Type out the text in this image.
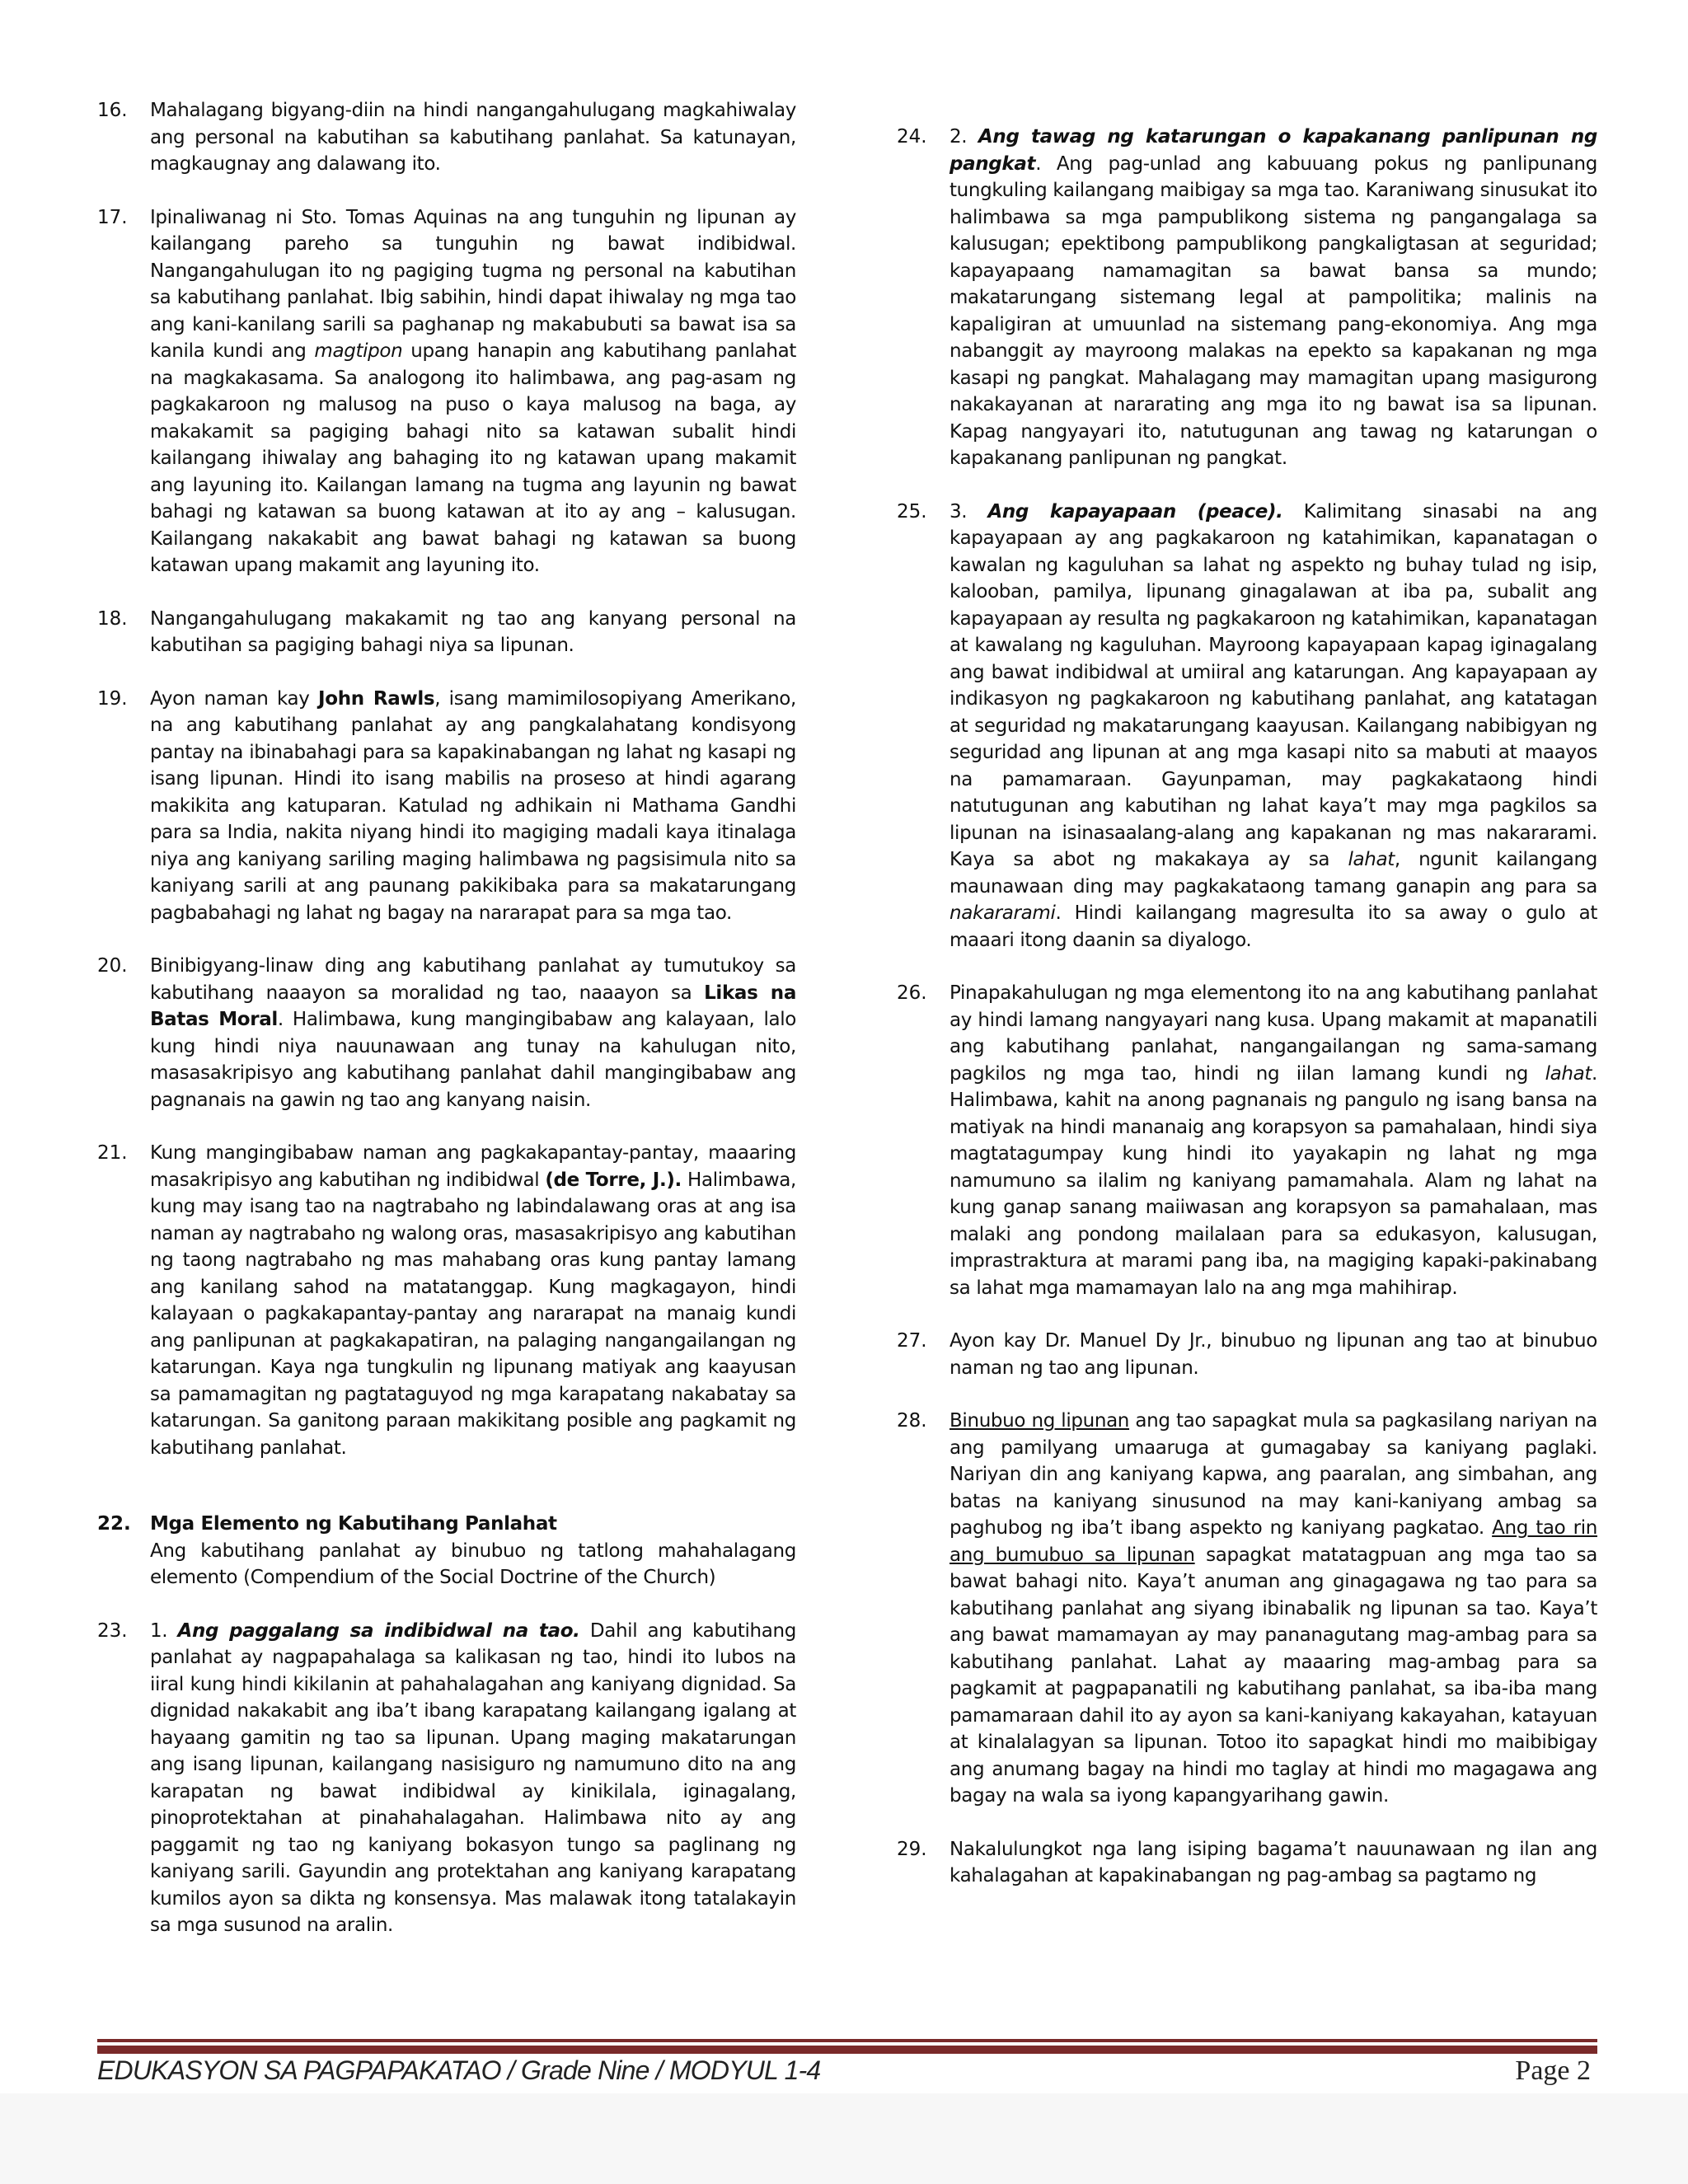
16.	Mahalagang bigyang-diin na hindi nangangahulugang magkahiwalay ang personal na kabutihan sa kabutihang panlahat. Sa katunayan, magkaugnay ang dalawang ito.
17.	Ipinaliwanag ni Sto. Tomas Aquinas na ang tunguhin ng lipunan ay kailangang pareho sa tunguhin ng bawat indibidwal. Nangangahulugan ito ng pagiging tugma ng personal na kabutihan sa kabutihang panlahat. Ibig sabihin, hindi dapat ihiwalay ng mga tao ang kani-kanilang sarili sa paghanap ng makabubuti sa bawat isa sa kanila kundi ang magtipon upang hanapin ang kabutihang panlahat na magkakasama. Sa analogong ito halimbawa, ang pag-asam ng pagkakaroon ng malusog na puso o kaya malusog na baga, ay makakamit sa pagiging bahagi nito sa katawan subalit hindi kailangang ihiwalay ang bahaging ito ng katawan upang makamit ang layuning ito. Kailangan lamang na tugma ang layunin ng bawat bahagi ng katawan sa buong katawan at ito ay ang – kalusugan. Kailangang nakakabit ang bawat bahagi ng katawan sa buong katawan upang makamit ang layuning ito.
18.	Nangangahulugang makakamit ng tao ang kanyang personal na kabutihan sa pagiging bahagi niya sa lipunan.
19.	Ayon naman kay John Rawls, isang mamimilosopiyang Amerikano, na ang kabutihang panlahat ay ang pangkalahatang kondisyong pantay na ibinabahagi para sa kapakinabangan ng lahat ng kasapi ng isang lipunan. Hindi ito isang mabilis na proseso at hindi agarang makikita ang katuparan. Katulad ng adhikain ni Mathama Gandhi para sa India, nakita niyang hindi ito magiging madali kaya itinalaga niya ang kaniyang sariling maging halimbawa ng pagsisimula nito sa kaniyang sarili at ang paunang pakikibaka para sa makatarungang pagbabahagi ng lahat ng bagay na nararapat para sa mga tao.
20.	Binibigyang-linaw ding ang kabutihang panlahat ay tumutukoy sa kabutihang naaayon sa moralidad ng tao, naaayon sa Likas na Batas Moral. Halimbawa, kung mangingibabaw ang kalayaan, lalo kung hindi niya nauunawaan ang tunay na kahulugan nito, masasakripisyo ang kabutihang panlahat dahil mangingibabaw ang pagnanais na gawin ng tao ang kanyang naisin.
21.	Kung mangingibabaw naman ang pagkakapantay-pantay, maaaring masakripisyo ang kabutihan ng indibidwal (de Torre, J.). Halimbawa, kung may isang tao na nagtrabaho ng labindalawang oras at ang isa naman ay nagtrabaho ng walong oras, masasakripisyo ang kabutihan ng taong nagtrabaho ng mas mahabang oras kung pantay lamang ang kanilang sahod na matatanggap. Kung magkagayon, hindi kalayaan o pagkakapantay-pantay ang nararapat na manaig kundi ang panlipunan at pagkakapatiran, na palaging nangangailangan ng katarungan. Kaya nga tungkulin ng lipunang matiyak ang kaayusan sa pamamagitan ng pagtataguyod ng mga karapatang nakabatay sa katarungan. Sa ganitong paraan makikitang posible ang pagkamit ng kabutihang panlahat.
22.	Mga Elemento ng Kabutihang Panlahat
Ang kabutihang panlahat ay binubuo ng tatlong mahahalagang elemento (Compendium of the Social Doctrine of the Church)
23.	1. Ang paggalang sa indibidwal na tao. Dahil ang kabutihang panlahat ay nagpapahalaga sa kalikasan ng tao, hindi ito lubos na iiral kung hindi kikilanin at pahahalagahan ang kaniyang dignidad. Sa dignidad nakakabit ang iba’t ibang karapatang kailangang igalang at hayaang gamitin ng tao sa lipunan. Upang maging makatarungan ang isang lipunan, kailangang nasisiguro ng namumuno dito na ang karapatan ng bawat indibidwal ay kinikilala, iginagalang, pinoprotektahan at pinahahalagahan. Halimbawa nito ay ang paggamit ng tao ng kaniyang bokasyon tungo sa paglinang ng kaniyang sarili. Gayundin ang protektahan ang kaniyang karapatang kumilos ayon sa dikta ng konsensya. Mas malawak itong tatalakayin sa mga susunod na aralin.
24.	2. Ang tawag ng katarungan o kapakanang panlipunan ng pangkat. Ang pag-unlad ang kabuuang pokus ng panlipunang tungkuling kailangang maibigay sa mga tao. Karaniwang sinusukat ito halimbawa sa mga pampublikong sistema ng pangangalaga sa kalusugan; epektibong pampublikong pangkaligtasan at seguridad; kapayapaang namamagitan sa bawat bansa sa mundo; makatarungang sistemang legal at pampolitika; malinis na kapaligiran at umuunlad na sistemang pang-ekonomiya. Ang mga nabanggit ay mayroong malakas na epekto sa kapakanan ng mga kasapi ng pangkat. Mahalagang may mamagitan upang masigurong nakakayanan at nararating ang mga ito ng bawat isa sa lipunan. Kapag nangyayari ito, natutugunan ang tawag ng katarungan o kapakanang panlipunan ng pangkat.
25.	3. Ang kapayapaan (peace). Kalimitang sinasabi na ang kapayapaan ay ang pagkakaroon ng katahimikan, kapanatagan o kawalan ng kaguluhan sa lahat ng aspekto ng buhay tulad ng isip, kalooban, pamilya, lipunang ginagalawan at iba pa, subalit ang kapayapaan ay resulta ng pagkakaroon ng katahimikan, kapanatagan at kawalang ng kaguluhan. Mayroong kapayapaan kapag iginagalang ang bawat indibidwal at umiiral ang katarungan. Ang kapayapaan ay indikasyon ng pagkakaroon ng kabutihang panlahat, ang katatagan at seguridad ng makatarungang kaayusan. Kailangang nabibigyan ng seguridad ang lipunan at ang mga kasapi nito sa mabuti at maayos na pamamaraan. Gayunpaman, may pagkakataong hindi natutugunan ang kabutihan ng lahat kaya’t may mga pagkilos sa lipunan na isinasaalang-alang ang kapakanan ng mas nakararami. Kaya sa abot ng makakaya ay sa lahat, ngunit kailangang maunawaan ding may pagkakataong tamang ganapin ang para sa nakararami. Hindi kailangang magresulta ito sa away o gulo at maaari itong daanin sa diyalogo.
26.	Pinapakahulugan ng mga elementong ito na ang kabutihang panlahat ay hindi lamang nangyayari nang kusa. Upang makamit at mapanatili ang kabutihang panlahat, nangangailangan ng sama-samang pagkilos ng mga tao, hindi ng iilan lamang kundi ng lahat. Halimbawa, kahit na anong pagnanais ng pangulo ng isang bansa na matiyak na hindi mananaig ang korapsyon sa pamahalaan, hindi siya magtatagumpay kung hindi ito yayakapin ng lahat ng mga namumuno sa ilalim ng kaniyang pamamahala. Alam ng lahat na kung ganap sanang maiiwasan ang korapsyon sa pamahalaan, mas malaki ang pondong mailalaan para sa edukasyon, kalusugan, imprastraktura at marami pang iba, na magiging kapaki-pakinabang sa lahat mga mamamayan lalo na ang mga mahihirap.
27.	Ayon kay Dr. Manuel Dy Jr., binubuo ng lipunan ang tao at binubuo naman ng tao ang lipunan.
28.	Binubuo ng lipunan ang tao sapagkat mula sa pagkasilang nariyan na ang pamilyang umaaruga at gumagabay sa kaniyang paglaki. Nariyan din ang kaniyang kapwa, ang paaralan, ang simbahan, ang batas na kaniyang sinusunod na may kani-kaniyang ambag sa paghubog ng iba’t ibang aspekto ng kaniyang pagkatao. Ang tao rin ang bumubuo sa lipunan sapagkat matatagpuan ang mga tao sa bawat bahagi nito. Kaya’t anuman ang ginagagawa ng tao para sa kabutihang panlahat ang siyang ibinabalik ng lipunan sa tao. Kaya’t ang bawat mamamayan ay may pananagutang mag-ambag para sa kabutihang panlahat. Lahat ay maaaring mag-ambag para sa pagkamit at pagpapanatili ng kabutihang panlahat, sa iba-iba mang pamamaraan dahil ito ay ayon sa kani-kaniyang kakayahan, katayuan at kinalalagyan sa lipunan. Totoo ito sapagkat hindi mo maibibigay ang anumang bagay na hindi mo taglay at hindi mo magagawa ang bagay na wala sa iyong kapangyarihang gawin.
29.	Nakalulungkot nga lang isiping bagama’t nauunawaan ng ilan ang kahalagahan at kapakinabangan ng pag-ambag sa pagtamo ng
EDUKASYON SA PAGPAPAKATAO / Grade Nine / MODYUL 1-4	Page 2
